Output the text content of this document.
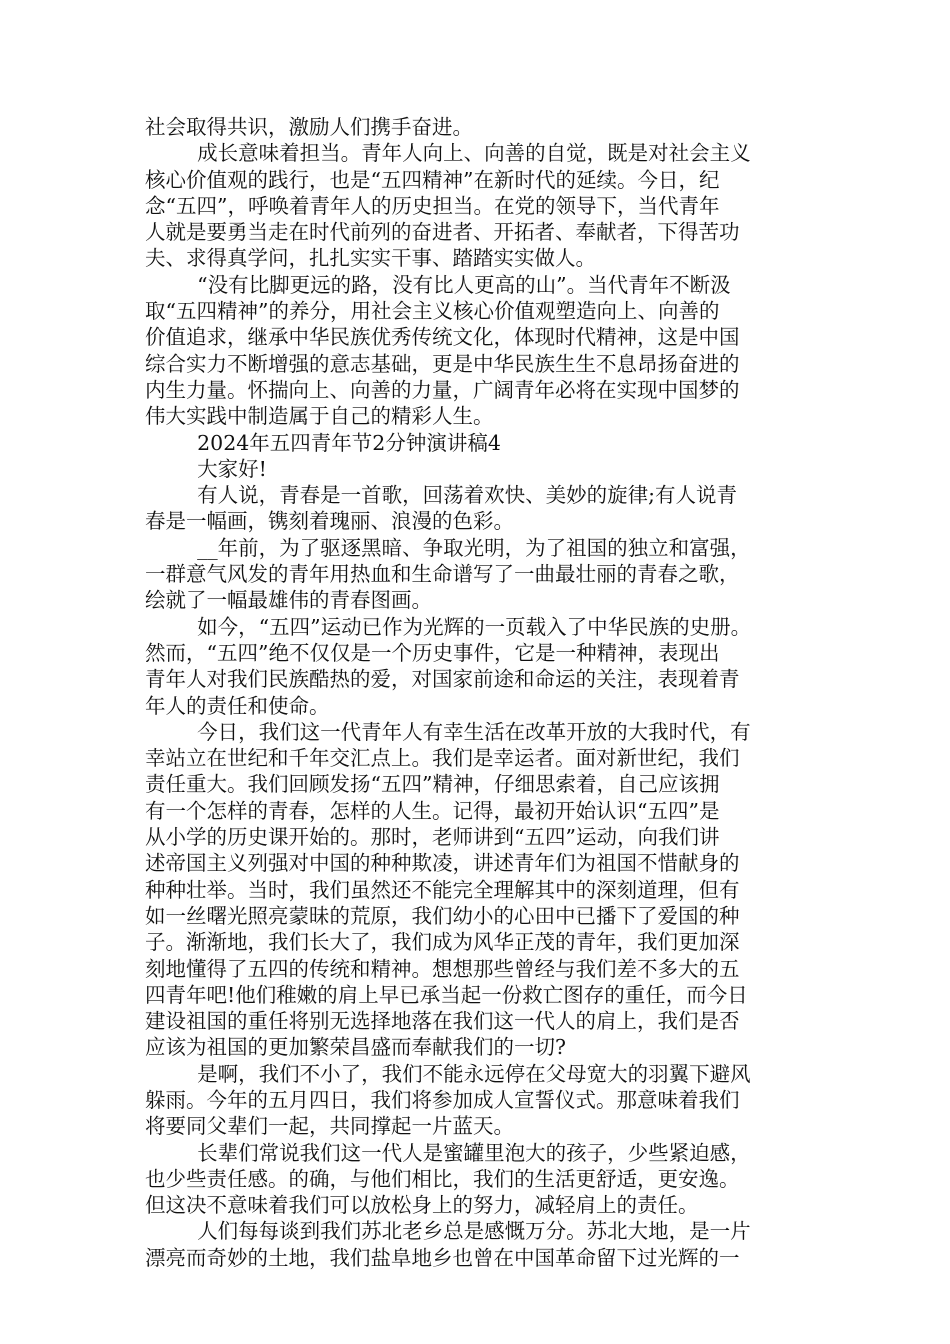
社会取得共识，激励人们携手奋进。
成长意味着担当。青年人向上、向善的自觉，既是对社会主义
核心价值观的践行，也是“五四精神”在新时代的延续。今日，纪
念“五四”，呼唤着青年人的历史担当。在党的领导下，当代青年
人就是要勇当走在时代前列的奋进者、开拓者、奉献者，下得苦功
夫、求得真学问，扎扎实实干事、踏踏实实做人。
“没有比脚更远的路，没有比人更高的山”。当代青年不断汲
取“五四精神”的养分，用社会主义核心价值观塑造向上、向善的
价值追求，继承中华民族优秀传统文化，体现时代精神，这是中国
综合实力不断增强的意志基础，更是中华民族生生不息昂扬奋进的
内生力量。怀揣向上、向善的力量，广阔青年必将在实现中国梦的
伟大实践中制造属于自己的精彩人生。
2024年五四青年节2分钟演讲稿4
大家好!
有人说，青春是一首歌，回荡着欢快、美妙的旋律;有人说青
春是一幅画，镌刻着瑰丽、浪漫的色彩。
__年前，为了驱逐黑暗、争取光明，为了祖国的独立和富强，
一群意气风发的青年用热血和生命谱写了一曲最壮丽的青春之歌，
绘就了一幅最雄伟的青春图画。
如今，“五四”运动已作为光辉的一页载入了中华民族的史册。
然而，“五四”绝不仅仅是一个历史事件，它是一种精神，表现出
青年人对我们民族酷热的爱，对国家前途和命运的关注，表现着青
年人的责任和使命。
今日，我们这一代青年人有幸生活在改革开放的大我时代，有
幸站立在世纪和千年交汇点上。我们是幸运者。面对新世纪，我们
责任重大。我们回顾发扬“五四”精神，仔细思索着，自己应该拥
有一个怎样的青春，怎样的人生。记得，最初开始认识“五四”是
从小学的历史课开始的。那时，老师讲到“五四”运动，向我们讲
述帝国主义列强对中国的种种欺凌，讲述青年们为祖国不惜献身的
种种壮举。当时，我们虽然还不能完全理解其中的深刻道理，但有
如一丝曙光照亮蒙昧的荒原，我们幼小的心田中已播下了爱国的种
子。渐渐地，我们长大了，我们成为风华正茂的青年，我们更加深
刻地懂得了五四的传统和精神。想想那些曾经与我们差不多大的五
四青年吧!他们稚嫩的肩上早已承当起一份救亡图存的重任，而今日
建设祖国的重任将别无选择地落在我们这一代人的肩上，我们是否
应该为祖国的更加繁荣昌盛而奉献我们的一切?
是啊，我们不小了，我们不能永远停在父母宽大的羽翼下避风
躲雨。今年的五月四日，我们将参加成人宣誓仪式。那意味着我们
将要同父辈们一起，共同撑起一片蓝天。
长辈们常说我们这一代人是蜜罐里泡大的孩子，少些紧迫感，
也少些责任感。的确，与他们相比，我们的生活更舒适，更安逸。
但这决不意味着我们可以放松身上的努力，减轻肩上的责任。
人们每每谈到我们苏北老乡总是感慨万分。苏北大地，是一片
漂亮而奇妙的土地，我们盐阜地乡也曾在中国革命留下过光辉的一
